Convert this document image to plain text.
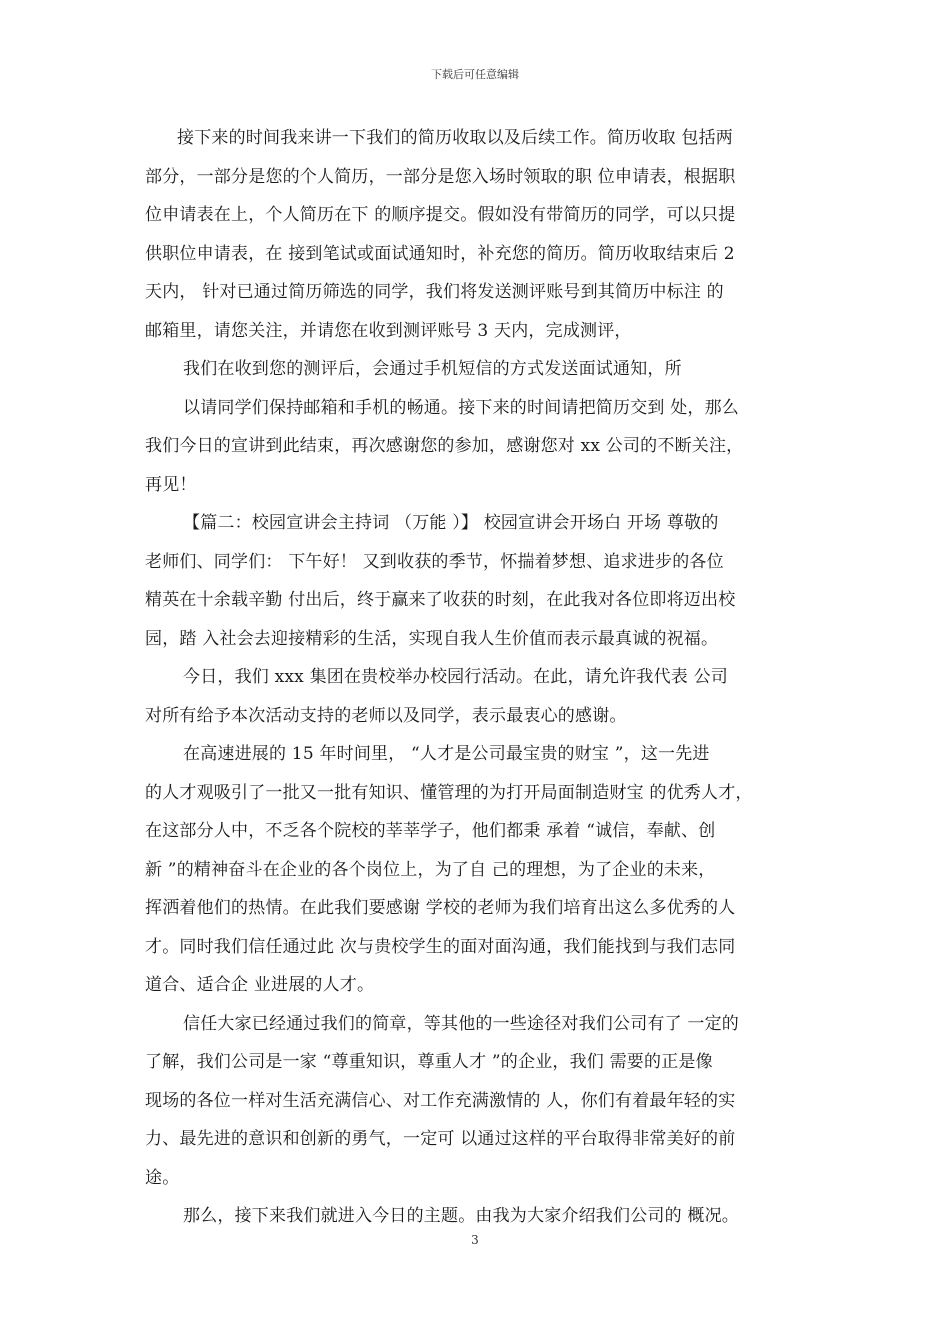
下载后可任意编辑
接下来的时间我来讲一下我们的简历收取以及后续工作。简历收取 包括两
部分，一部分是您的个人简历，一部分是您入场时领取的职 位申请表，根据职
位申请表在上，个人简历在下 的顺序提交。假如没有带简历的同学，可以只提
供职位申请表，在 接到笔试或面试通知时，补充您的简历。简历收取结束后 2
天内， 针对已通过简历筛选的同学，我们将发送测评账号到其简历中标注 的
邮箱里，请您关注，并请您在收到测评账号 3 天内，完成测评，
我们在收到您的测评后，会通过手机短信的方式发送面试通知，所
以请同学们保持邮箱和手机的畅通。接下来的时间请把简历交到 处，那么
我们今日的宣讲到此结束，再次感谢您的参加，感谢您对 xx 公司的不断关注，
再见！
【篇二：校园宣讲会主持词 （万能 ）】 校园宣讲会开场白 开场 尊敬的
老师们、同学们： 下午好！ 又到收获的季节，怀揣着梦想、追求进步的各位
精英在十余载辛勤 付出后，终于赢来了收获的时刻，在此我对各位即将迈出校
园，踏 入社会去迎接精彩的生活，实现自我人生价值而表示最真诚的祝福。
今日，我们 xxx 集团在贵校举办校园行活动。在此，请允许我代表 公司
对所有给予本次活动支持的老师以及同学，表示最衷心的感谢。
在高速进展的 15 年时间里， “人才是公司最宝贵的财宝 ”，这一先进
的人才观吸引了一批又一批有知识、懂管理的为打开局面制造财宝 的优秀人才，
在这部分人中，不乏各个院校的莘莘学子，他们都秉 承着 “诚信，奉献、创
新 ”的精神奋斗在企业的各个岗位上，为了自 己的理想，为了企业的未来，
挥洒着他们的热情。在此我们要感谢 学校的老师为我们培育出这么多优秀的人
才。同时我们信任通过此 次与贵校学生的面对面沟通，我们能找到与我们志同
道合、适合企 业进展的人才。
信任大家已经通过我们的简章，等其他的一些途径对我们公司有了 一定的
了解，我们公司是一家 “尊重知识，尊重人才 ”的企业，我们 需要的正是像
现场的各位一样对生活充满信心、对工作充满激情的 人，你们有着最年轻的实
力、最先进的意识和创新的勇气，一定可 以通过这样的平台取得非常美好的前
途。
那么，接下来我们就进入今日的主题。由我为大家介绍我们公司的 概况。
3
